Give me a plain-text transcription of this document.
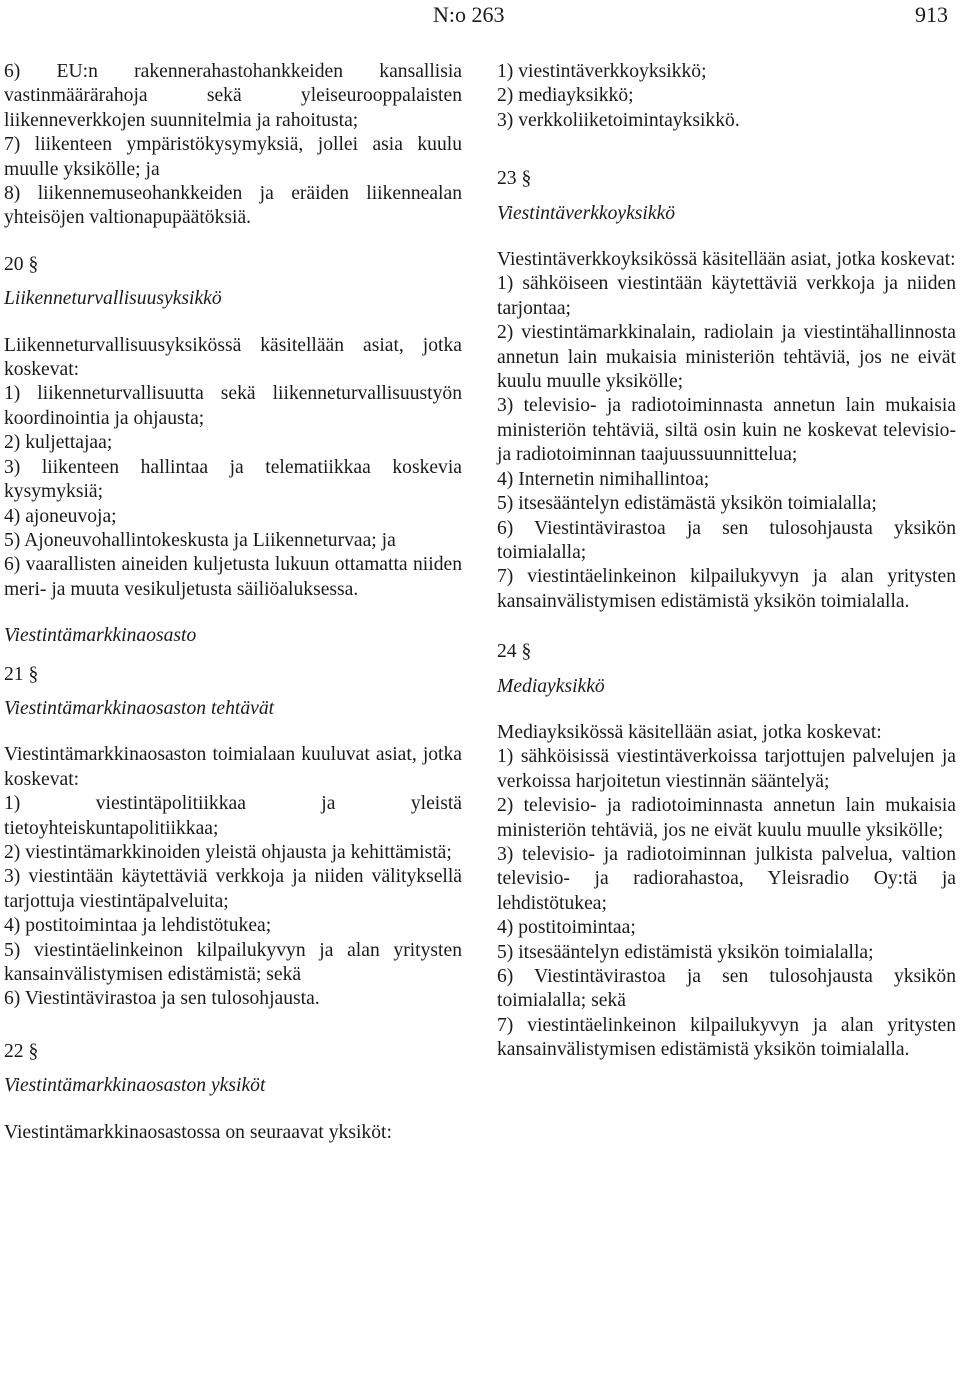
N:o 263	913

6) EU:n rakennerahastohankkeiden kansallisia vastinmäärärahoja sekä yleiseurooppalaisten liikenneverkkojen suunnitelmia ja rahoitusta;

7) liikenteen ympäristökysymyksiä, jollei asia kuulu muulle yksikölle; ja

8) liikennemuseohankkeiden ja eräiden liikennealan yhteisöjen valtionapupäätöksiä.

20 §

Liikenneturvallisuusyksikkö

Liikenneturvallisuusyksikössä käsitellään asiat, jotka koskevat:

1) liikenneturvallisuutta sekä liikenneturvallisuustyön koordinointia ja ohjausta;

2) kuljettajaa;

3) liikenteen hallintaa ja telematiikkaa koskevia kysymyksiä;

4) ajoneuvoja;

5) Ajoneuvohallintokeskusta ja Liikenneturvaa; ja

6) vaarallisten aineiden kuljetusta lukuun ottamatta niiden meri- ja muuta vesikuljetusta säiliöaluksessa.

Viestintämarkkinaosasto

21 §

Viestintämarkkinaosaston tehtävät

Viestintämarkkinaosaston toimialaan kuuluvat asiat, jotka koskevat:

1) viestintäpolitiikkaa ja yleistä tietoyhteiskuntapolitiikkaa;

2) viestintämarkkinoiden yleistä ohjausta ja kehittämistä;

3) viestintään käytettäviä verkkoja ja niiden välityksellä tarjottuja viestintäpalveluita;

4) postitoimintaa ja lehdistötukea;

5) viestintäelinkeinon kilpailukyvyn ja alan yritysten kansainvälistymisen edistämistä; sekä

6) Viestintävirastoa ja sen tulosohjausta.

22 §

Viestintämarkkinaosaston yksiköt

Viestintämarkkinaosastossa on seuraavat yksiköt:

1) viestintäverkkoyksikkö;

2) mediayksikkö;

3) verkkoliiketoimintayksikkö.

23 §

Viestintäverkkoyksikkö

Viestintäverkkoyksikössä käsitellään asiat, jotka koskevat:

1) sähköiseen viestintään käytettäviä verkkoja ja niiden tarjontaa;

2) viestintämarkkinalain, radiolain ja viestintähallinnosta annetun lain mukaisia ministeriön tehtäviä, jos ne eivät kuulu muulle yksikölle;

3) televisio- ja radiotoiminnasta annetun lain mukaisia ministeriön tehtäviä, siltä osin kuin ne koskevat televisio- ja radiotoiminnan taajuussuunnittelua;

4) Internetin nimihallintoa;

5) itsesääntelyn edistämästä yksikön toimialalla;

6) Viestintävirastoa ja sen tulosohjausta yksikön toimialalla;

7) viestintäelinkeinon kilpailukyvyn ja alan yritysten kansainvälistymisen edistämistä yksikön toimialalla.

24 §

Mediayksikkö

Mediayksikössä käsitellään asiat, jotka koskevat:

1) sähköisissä viestintäverkoissa tarjottujen palvelujen ja verkoissa harjoitetun viestinnän sääntelyä;

2) televisio- ja radiotoiminnasta annetun lain mukaisia ministeriön tehtäviä, jos ne eivät kuulu muulle yksikölle;

3) televisio- ja radiotoiminnan julkista palvelua, valtion televisio- ja radiorahastoa, Yleisradio Oy:tä ja lehdistötukea;

4) postitoimintaa;

5) itsesääntelyn edistämistä yksikön toimialalla;

6) Viestintävirastoa ja sen tulosohjausta yksikön toimialalla; sekä

7) viestintäelinkeinon kilpailukyvyn ja alan yritysten kansainvälistymisen edistämistä yksikön toimialalla.
